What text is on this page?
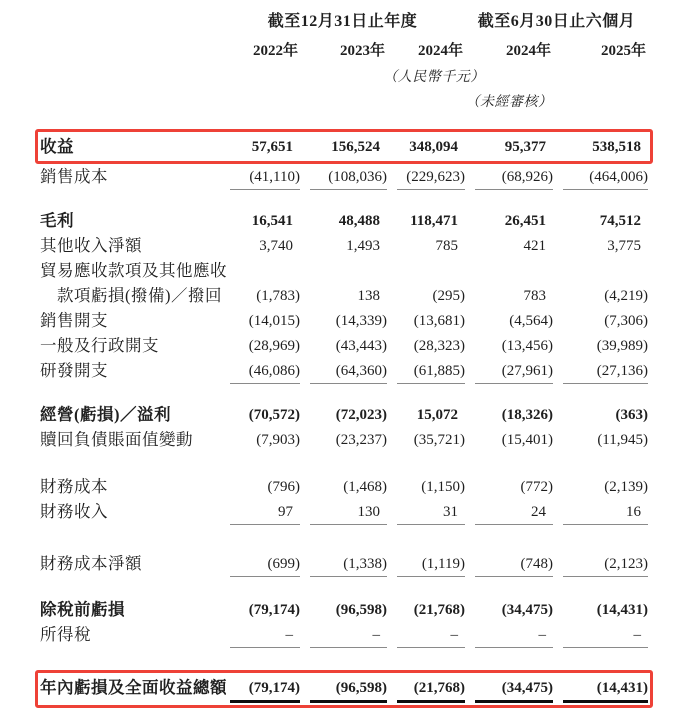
截至12月31日止年度	截至6月30日止六個月
2022年	2023年	2024年	2024年	2025年
（人民幣千元）
（未經審核）
收益	57,651	156,524	348,094	95,377	538,518
銷售成本	(41,110)	(108,036)	(229,623)	(68,926)	(464,006)
毛利	16,541	48,488	118,471	26,451	74,512
其他收入淨額	3,740	1,493	785	421	3,775
貿易應收款項及其他應收
款項虧損(撥備)／撥回	(1,783)	138	(295)	783	(4,219)
銷售開支	(14,015)	(14,339)	(13,681)	(4,564)	(7,306)
一般及行政開支	(28,969)	(43,443)	(28,323)	(13,456)	(39,989)
研發開支	(46,086)	(64,360)	(61,885)	(27,961)	(27,136)
經營(虧損)／溢利	(70,572)	(72,023)	15,072	(18,326)	(363)
贖回負債賬面值變動	(7,903)	(23,237)	(35,721)	(15,401)	(11,945)
財務成本	(796)	(1,468)	(1,150)	(772)	(2,139)
財務收入	97	130	31	24	16
財務成本淨額	(699)	(1,338)	(1,119)	(748)	(2,123)
除稅前虧損	(79,174)	(96,598)	(21,768)	(34,475)	(14,431)
所得稅	–	–	–	–	–
年內虧損及全面收益總額	(79,174)	(96,598)	(21,768)	(34,475)	(14,431)
